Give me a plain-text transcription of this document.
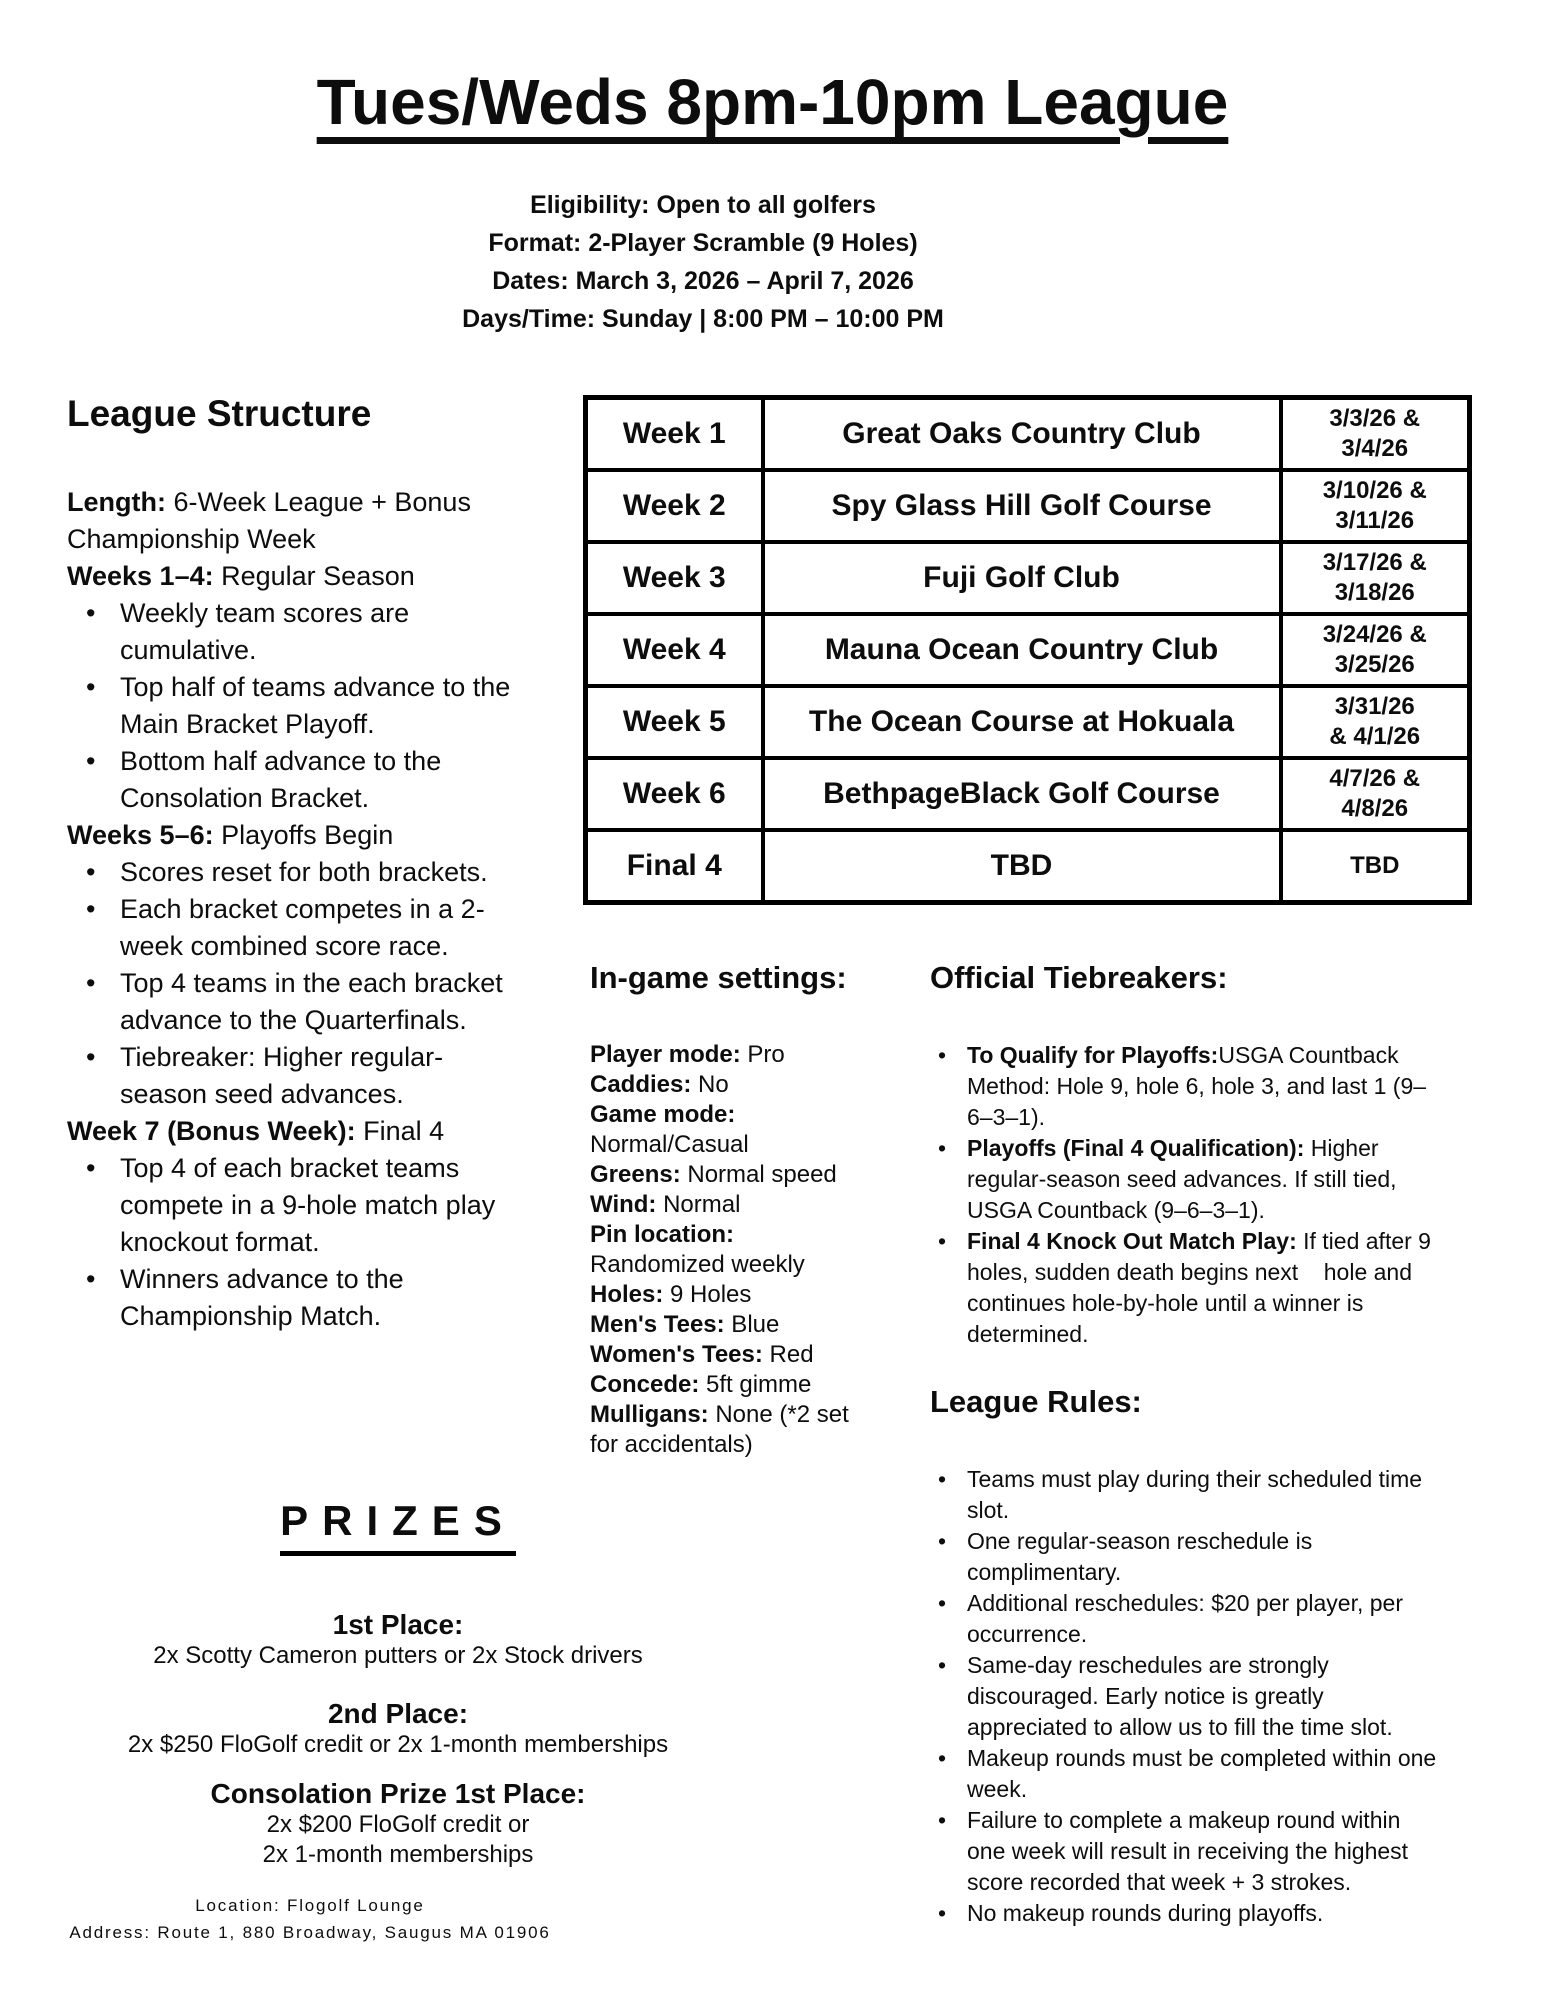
Tues/Weds 8pm-10pm League
Eligibility: Open to all golfers
Format: 2-Player Scramble (9 Holes)
Dates: March 3, 2026 – April 7, 2026
Days/Time: Sunday | 8:00 PM – 10:00 PM
League Structure

Length: 6-Week League + Bonus Championship Week

Weeks 1–4: Regular Season

• Weekly team scores are cumulative.
• Top half of teams advance to the Main Bracket Playoff.
• Bottom half advance to the Consolation Bracket.

Weeks 5–6: Playoffs Begin

• Scores reset for both brackets.
• Each bracket competes in a 2-week combined score race.
• Top 4 teams in the each bracket advance to the Quarterfinals.
• Tiebreaker: Higher regular-season seed advances.

Week 7 (Bonus Week): Final 4

• Top 4 of each bracket teams compete in a 9-hole match play knockout format.
• Winners advance to the Championship Match.
Week 1	Great Oaks Country Club	3/3/26 &
3/4/26

Week 2	Spy Glass Hill Golf Course	3/10/26 &
3/11/26

Week 3	Fuji Golf Club	3/17/26 &
3/18/26

Week 4	Mauna Ocean Country Club	3/24/26 &
3/25/26

Week 5	The Ocean Course at Hokuala	3/31/26
& 4/1/26

Week 6	BethpageBlack Golf Course	4/7/26 &
4/8/26

Final 4	TBD	TBD
In-game settings:
Player mode: Pro
Caddies: No
Game mode: Normal/Casual
Greens: Normal speed
Wind: Normal
Pin location: Randomized weekly
Holes: 9 Holes
Men's Tees: Blue
Women's Tees: Red
Concede: 5ft gimme
Mulligans: None (*2 set for accidentals)
Official Tiebreakers:
• To Qualify for Playoffs:USGA Countback Method: Hole 9, hole 6, hole 3, and last 1 (9–6–3–1).
• Playoffs (Final 4 Qualification): Higher regular-season seed advances. If still tied, USGA Countback (9–6–3–1).
• Final 4 Knock Out Match Play: If tied after 9 holes, sudden death begins next    hole and continues hole-by-hole until a winner is determined.
League Rules:
• Teams must play during their scheduled time slot.
• One regular-season reschedule is complimentary.
• Additional reschedules: $20 per player, per occurrence.
• Same-day reschedules are strongly discouraged. Early notice is greatly appreciated to allow us to fill the time slot.
• Makeup rounds must be completed within one week.
• Failure to complete a makeup round within one week will result in receiving the highest score recorded that week + 3 strokes.
• No makeup rounds during playoffs.
PRIZES
1st Place:
2x Scotty Cameron putters or 2x Stock drivers
2nd Place:
2x $250 FloGolf credit or 2x 1-month memberships
Consolation Prize 1st Place:
2x $200 FloGolf credit or
2x 1-month memberships
Location: Flogolf Lounge
Address: Route 1, 880 Broadway, Saugus MA 01906
